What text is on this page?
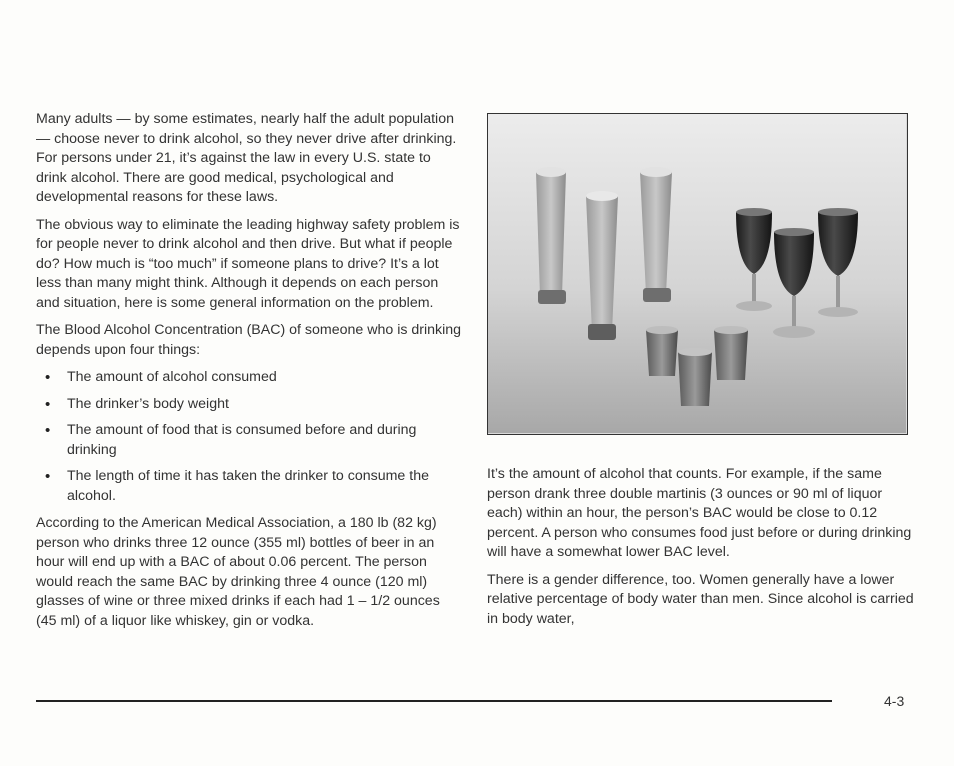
Many adults — by some estimates, nearly half the adult population — choose never to drink alcohol, so they never drive after drinking. For persons under 21, it’s against the law in every U.S. state to drink alcohol. There are good medical, psychological and developmental reasons for these laws.

The obvious way to eliminate the leading highway safety problem is for people never to drink alcohol and then drive. But what if people do? How much is “too much” if someone plans to drive? It’s a lot less than many might think. Although it depends on each person and situation, here is some general information on the problem.

The Blood Alcohol Concentration (BAC) of someone who is drinking depends upon four things:

• The amount of alcohol consumed
• The drinker’s body weight
• The amount of food that is consumed before and during drinking
• The length of time it has taken the drinker to consume the alcohol.

According to the American Medical Association, a 180 lb (82 kg) person who drinks three 12 ounce (355 ml) bottles of beer in an hour will end up with a BAC of about 0.06 percent. The person would reach the same BAC by drinking three 4 ounce (120 ml) glasses of wine or three mixed drinks if each had 1 – 1/2 ounces (45 ml) of a liquor like whiskey, gin or vodka.

It’s the amount of alcohol that counts. For example, if the same person drank three double martinis (3 ounces or 90 ml of liquor each) within an hour, the person’s BAC would be close to 0.12 percent. A person who consumes food just before or during drinking will have a somewhat lower BAC level.

There is a gender difference, too. Women generally have a lower relative percentage of body water than men. Since alcohol is carried in body water,

4-3
